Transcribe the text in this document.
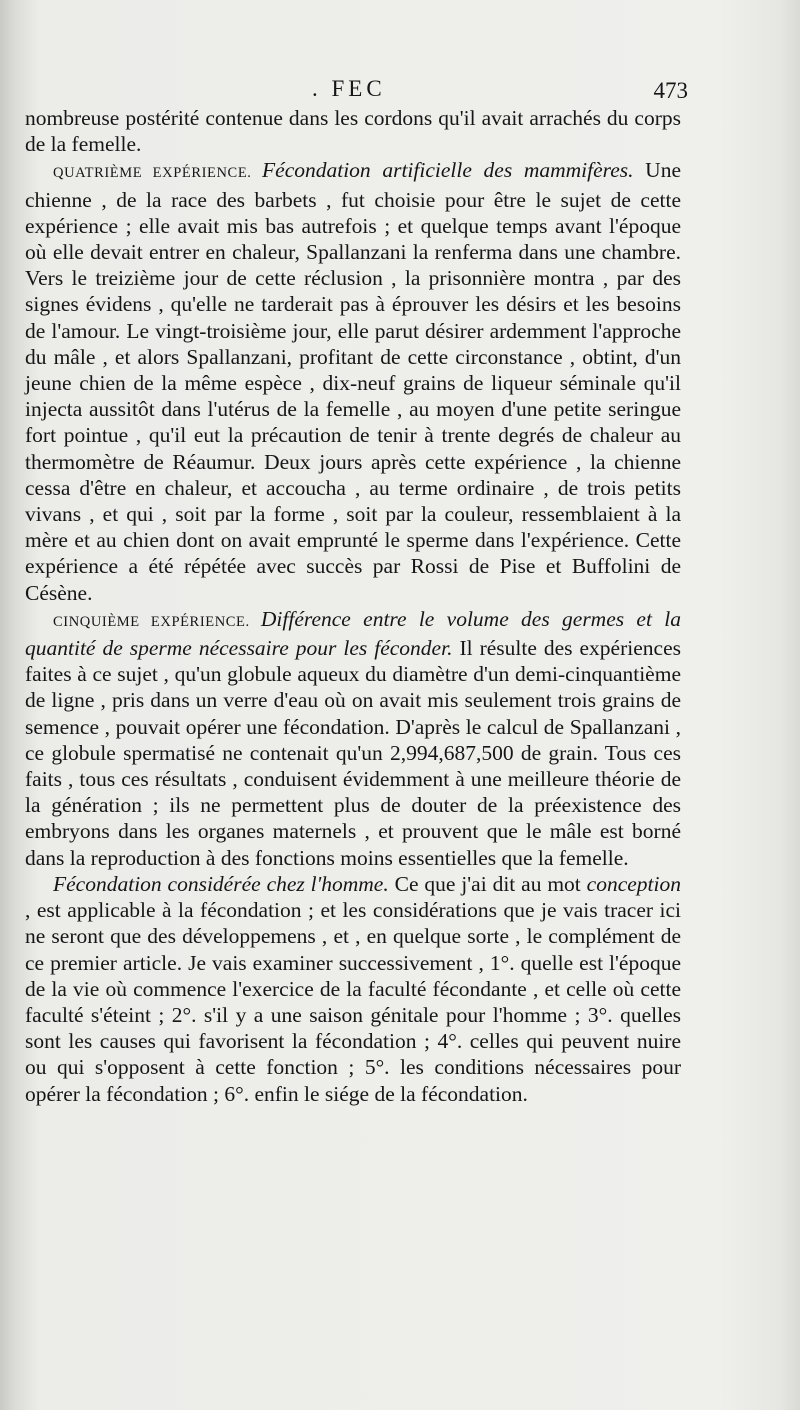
. FEC	473

nombreuse postérité contenue dans les cordons qu'il avait arrachés du corps de la femelle.

QUATRIÈME EXPÉRIENCE. Fécondation artificielle des mammifères. Une chienne , de la race des barbets , fut choisie pour être le sujet de cette expérience ; elle avait mis bas autrefois ; et quelque temps avant l'époque où elle devait entrer en chaleur, Spallanzani la renferma dans une chambre. Vers le treizième jour de cette réclusion , la prisonnière montra , par des signes évidens , qu'elle ne tarderait pas à éprouver les désirs et les besoins de l'amour. Le vingt-troisième jour, elle parut désirer ardemment l'approche du mâle , et alors Spallanzani, profitant de cette circonstance , obtint, d'un jeune chien de la même espèce , dix-neuf grains de liqueur séminale qu'il injecta aussitôt dans l'utérus de la femelle , au moyen d'une petite seringue fort pointue , qu'il eut la précaution de tenir à trente degrés de chaleur au thermomètre de Réaumur. Deux jours après cette expérience , la chienne cessa d'être en chaleur, et accoucha , au terme ordinaire , de trois petits vivans , et qui , soit par la forme , soit par la couleur, ressemblaient à la mère et au chien dont on avait emprunté le sperme dans l'expérience. Cette expérience a été répétée avec succès par Rossi de Pise et Buffolini de Césène.

CINQUIÈME EXPÉRIENCE. Différence entre le volume des germes et la quantité de sperme nécessaire pour les féconder. Il résulte des expériences faites à ce sujet , qu'un globule aqueux du diamètre d'un demi-cinquantième de ligne , pris dans un verre d'eau où on avait mis seulement trois grains de semence , pouvait opérer une fécondation. D'après le calcul de Spallanzani , ce globule spermatisé ne contenait qu'un 2,994,687,500 de grain. Tous ces faits , tous ces résultats , conduisent évidemment à une meilleure théorie de la génération ; ils ne permettent plus de douter de la préexistence des embryons dans les organes maternels , et prouvent que le mâle est borné dans la reproduction à des fonctions moins essentielles que la femelle.

Fécondation considérée chez l'homme. Ce que j'ai dit au mot conception , est applicable à la fécondation ; et les considérations que je vais tracer ici ne seront que des développemens , et , en quelque sorte , le complément de ce premier article. Je vais examiner successivement , 1°. quelle est l'époque de la vie où commence l'exercice de la faculté fécondante , et celle où cette faculté s'éteint ; 2°. s'il y a une saison génitale pour l'homme ; 3°. quelles sont les causes qui favorisent la fécondation ; 4°. celles qui peuvent nuire ou qui s'opposent à cette fonction ; 5°. les conditions nécessaires pour opérer la fécondation ; 6°. enfin le siége de la fécondation.
